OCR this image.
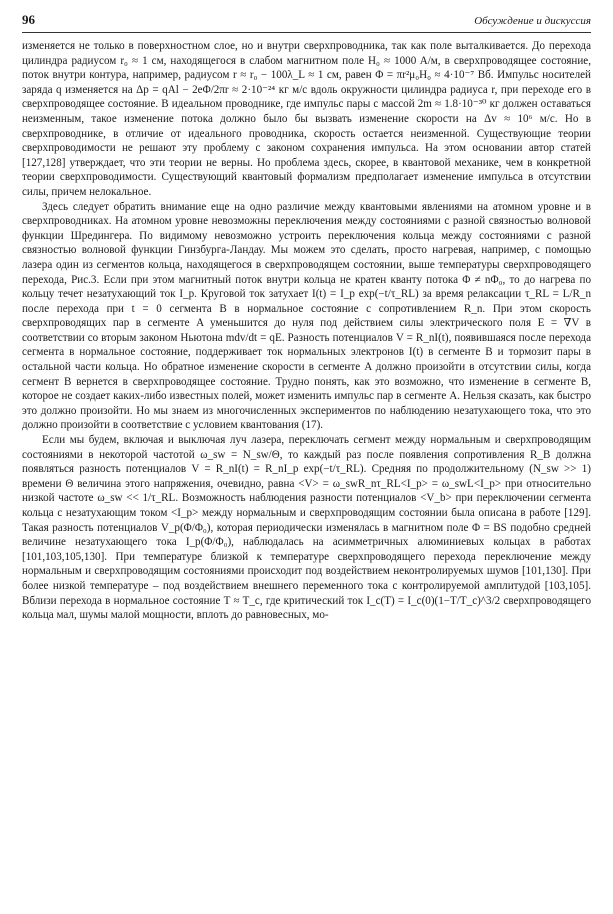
96	Обсуждение и дискуссия

изменяется не только в поверхностном слое, но и внутри сверхпроводника, так как поле выталкивается. До перехода цилиндра радиусом r₀ ≈ 1 см, находящегося в слабом магнитном поле H₀ ≈ 1000 A/м, в сверхпроводящее состояние, поток внутри контура, например, радиусом r ≈ r₀ − 100λ_L ≈ 1 см, равен Φ = πr²μ₀H₀ ≈ 4·10⁻⁷ Вб. Импульс носителей заряда q изменяется на Δp = qAl − 2eΦ/2πr ≈ 2·10⁻²⁴ кг м/с вдоль окружности цилиндра радиуса r, при переходе его в сверхпроводящее состояние. В идеальном проводнике, где импульс пары с массой 2m ≈ 1.8·10⁻³⁰ кг должен оставаться неизменным, такое изменение потока должно было бы вызвать изменение скорости на Δv ≈ 10⁶ м/с. Но в сверхпроводнике, в отличие от идеального проводника, скорость остается неизменной. Существующие теории сверхпроводимости не решают эту проблему с законом сохранения импульса. На этом основании автор статей [127,128] утверждает, что эти теории не верны. Но проблема здесь, скорее, в квантовой механике, чем в конкретной теории сверхпроводимости. Существующий квантовый формализм предполагает изменение импульса в отсутствии силы, причем нелокальное.

Здесь следует обратить внимание еще на одно различие между квантовыми явлениями на атомном уровне и в сверхпроводниках. На атомном уровне невозможны переключения между состояниями с разной связностью волновой функции Шредингера. По видимому невозможно устроить переключения кольца между состояниями с разной связностью волновой функции Гинзбурга-Ландау. Мы можем это сделать, просто нагревая, например, с помощью лазера один из сегментов кольца, находящегося в сверхпроводящем состоянии, выше температуры сверхпроводящего перехода, Рис.3. Если при этом магнитный поток внутри кольца не кратен кванту потока Φ ≠ nΦ₀, то до нагрева по кольцу течет незатухающий ток I_p. Круговой ток затухает I(t) = I_p exp(−t/τ_RL) за время релаксации τ_RL = L/R_n после перехода при t = 0 сегмента B в нормальное состояние с сопротивлением R_n. При этом скорость сверхпроводящих пар в сегменте A уменьшится до нуля под действием силы электрического поля E = ∇V в соответствии со вторым законом Ньютона mdv/dt = qE. Разность потенциалов V = R_nI(t), появившаяся после перехода сегмента в нормальное состояние, поддерживает ток нормальных электронов I(t) в сегменте B и тормозит пары в остальной части кольца. Но обратное изменение скорости в сегменте A должно произойти в отсутствии силы, когда сегмент B вернется в сверхпроводящее состояние. Трудно понять, как это возможно, что изменение в сегменте B, которое не создает каких-либо известных полей, может изменить импульс пар в сегменте A. Нельзя сказать, как быстро это должно произойти. Но мы знаем из многочисленных экспериментов по наблюдению незатухающего тока, что это должно произойти в соответствие с условием квантования (17).

Если мы будем, включая и выключая луч лазера, переключать сегмент между нормальным и сверхпроводящим состояниями в некоторой частотой ω_sw = N_sw/Θ, то каждый раз после появления сопротивления R_B должна появляться разность потенциалов V = R_nI(t) = R_nI_p exp(−t/τ_RL). Средняя по продолжительному (N_sw >> 1) времени Θ величина этого напряжения, очевидно, равна <V> = ω_swR_nτ_RL<I_p> = ω_swL<I_p> при относительно низкой частоте ω_sw << 1/τ_RL. Возможность наблюдения разности потенциалов <V_b> при переключении сегмента кольца с незатухающим током <I_p> между нормальным и сверхпроводящим состоянии была описана в работе [129]. Такая разность потенциалов V_p(Φ/Φ₀), которая периодически изменялась в магнитном поле Φ = BS подобно средней величине незатухающего тока I_p(Φ/Φ₀), наблюдалась на асимметричных алюминиевых кольцах в работах [101,103,105,130]. При температуре близкой к температуре сверхпроводящего перехода переключение между нормальным и сверхпроводящим состояниями происходит под воздействием неконтролируемых шумов [101,130]. При более низкой температуре – под воздействием внешнего переменного тока с контролируемой амплитудой [103,105]. Вблизи перехода в нормальное состояние T ≈ T_c, где критический ток I_c(T) = I_c(0)(1−T/T_c)^3/2 сверхпроводящего кольца мал, шумы малой мощности, вплоть до равновесных, мо-
